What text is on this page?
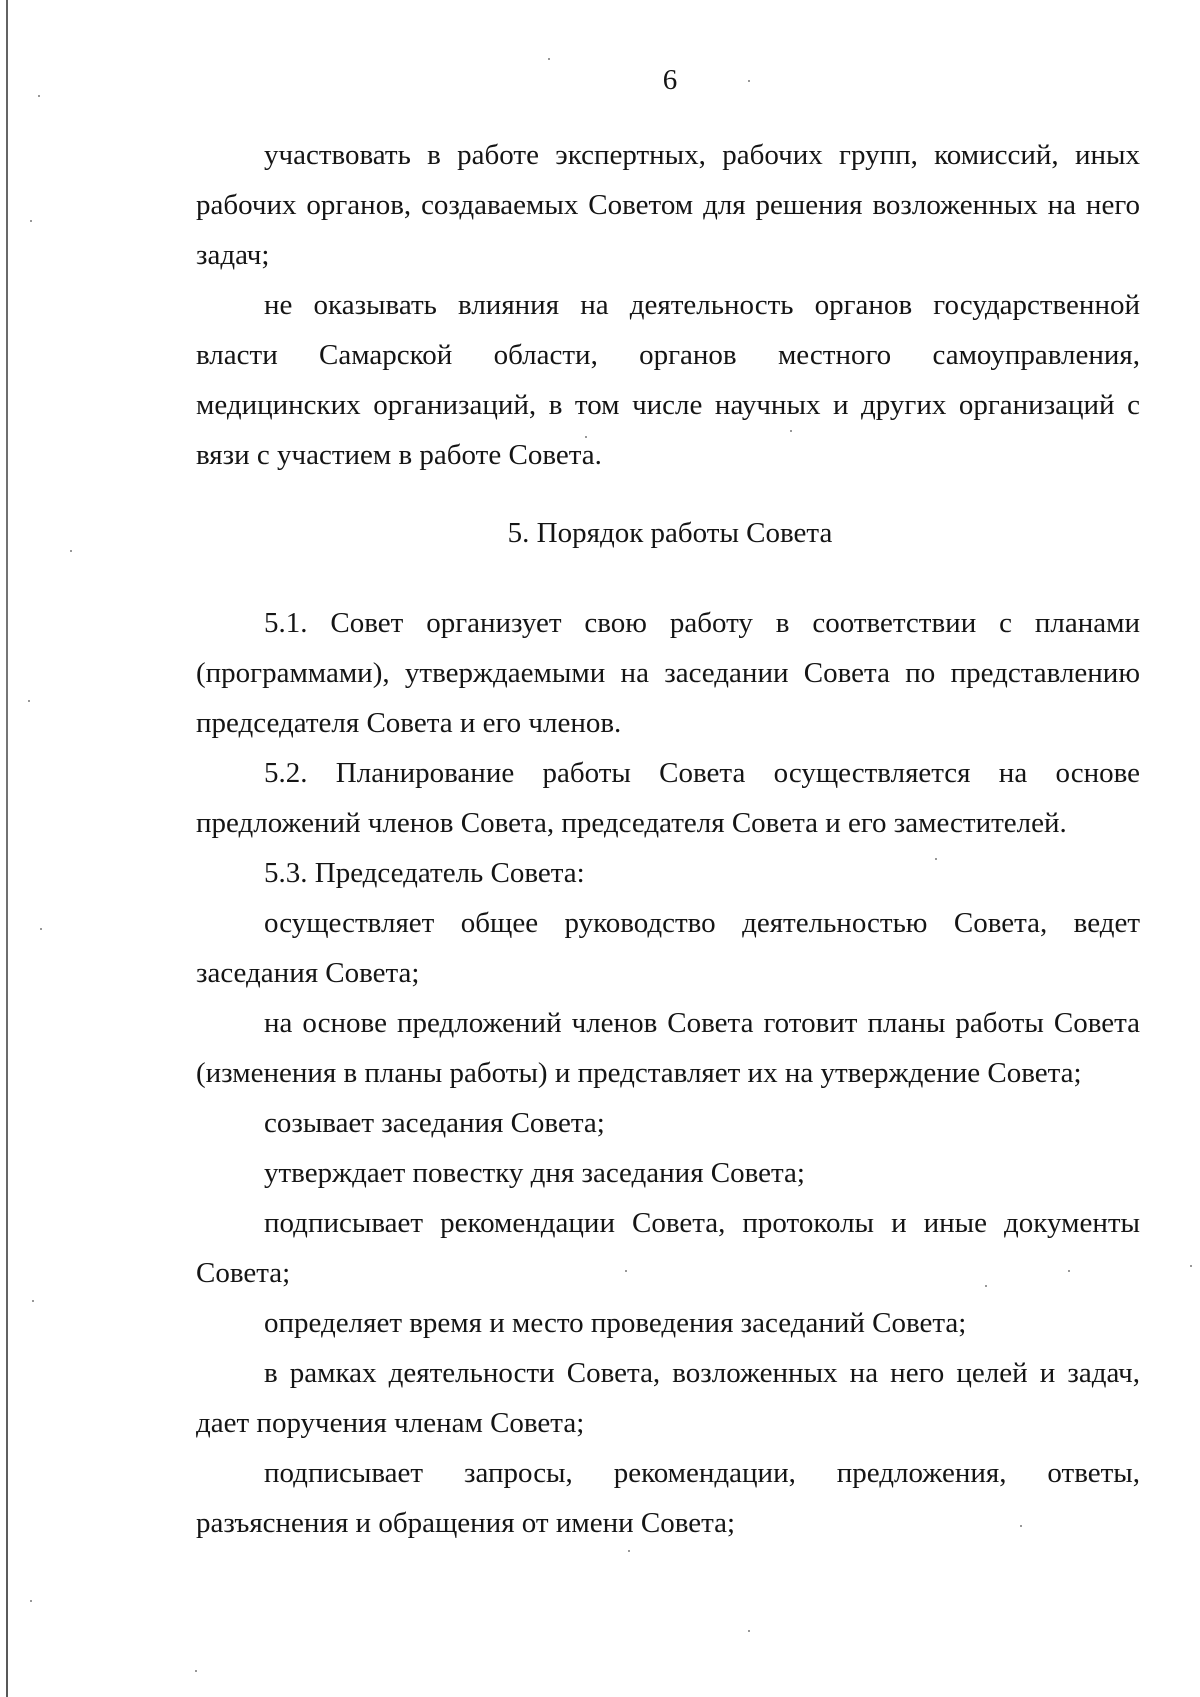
6

участвовать в работе экспертных, рабочих групп, комиссий, иных рабочих органов, создаваемых Советом для решения возложенных на него задач;

не оказывать влияния на деятельность органов государственной власти Самарской области, органов местного самоуправления, медицинских организаций, в том числе научных и других организаций с вязи с участием в работе Совета.

5. Порядок работы Совета

5.1. Совет организует свою работу в соответствии с планами (программами), утверждаемыми на заседании Совета по представлению председателя Совета и его членов.

5.2. Планирование работы Совета осуществляется на основе предложений членов Совета, председателя Совета и его заместителей.

5.3. Председатель Совета:

осуществляет общее руководство деятельностью Совета, ведет заседания Совета;

на основе предложений членов Совета готовит планы работы Совета (изменения в планы работы) и представляет их на утверждение Совета;

созывает заседания Совета;

утверждает повестку дня заседания Совета;

подписывает рекомендации Совета, протоколы и иные документы Совета;

определяет время и место проведения заседаний Совета;

в рамках деятельности Совета, возложенных на него целей и задач, дает поручения членам Совета;

подписывает запросы, рекомендации, предложения, ответы, разъяснения и обращения от имени Совета;
